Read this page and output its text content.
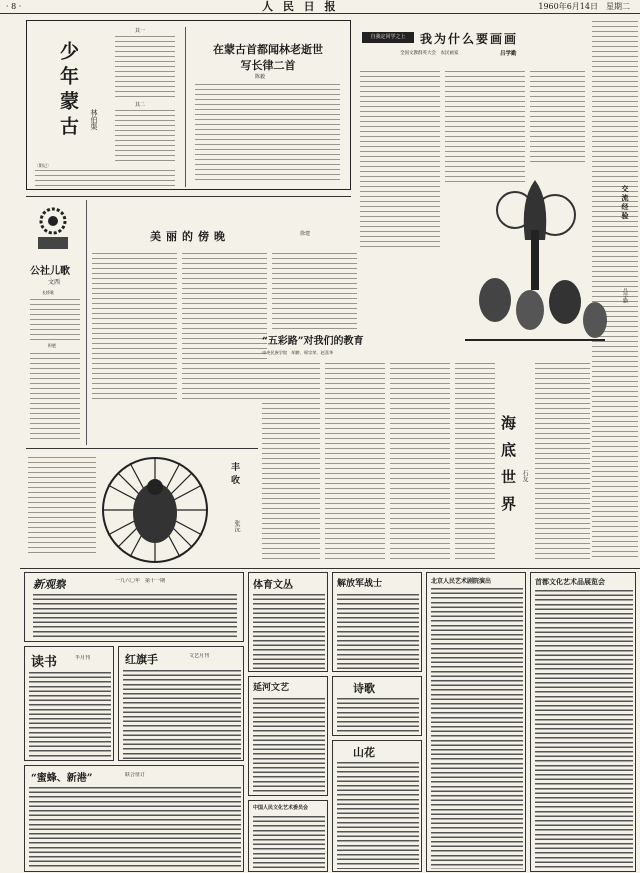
· 8 ·	人 民 日 报	1960年6月14日　星期二
少年蒙古	林伯渠
其一
其二
〔附记〕
在蒙古首都闻林老逝世
写长律二首
陈毅
自我定同学之上	我为什么要画画
全国文教群英大会　农民画家	吕学勤
交流经验
吕学勤
公社儿歌
文西
长桥歌
积肥
美丽的傍晚	徐建
“五彩路”对我们的教育
中央民族学院　胡耕、邢宗荣、赵喜华
海底世界 石友
丰收
张沅
新观察	一九六〇年　第十一期	体育文丛	解放军战士	北京人民艺术剧院演出	首都文化艺术品展览会
读书	半月刊	红旗手	文艺月刊
诗歌
延河文艺
山花
“蜜蜂、新港”	联合征订
中国人民文化艺术委员会
